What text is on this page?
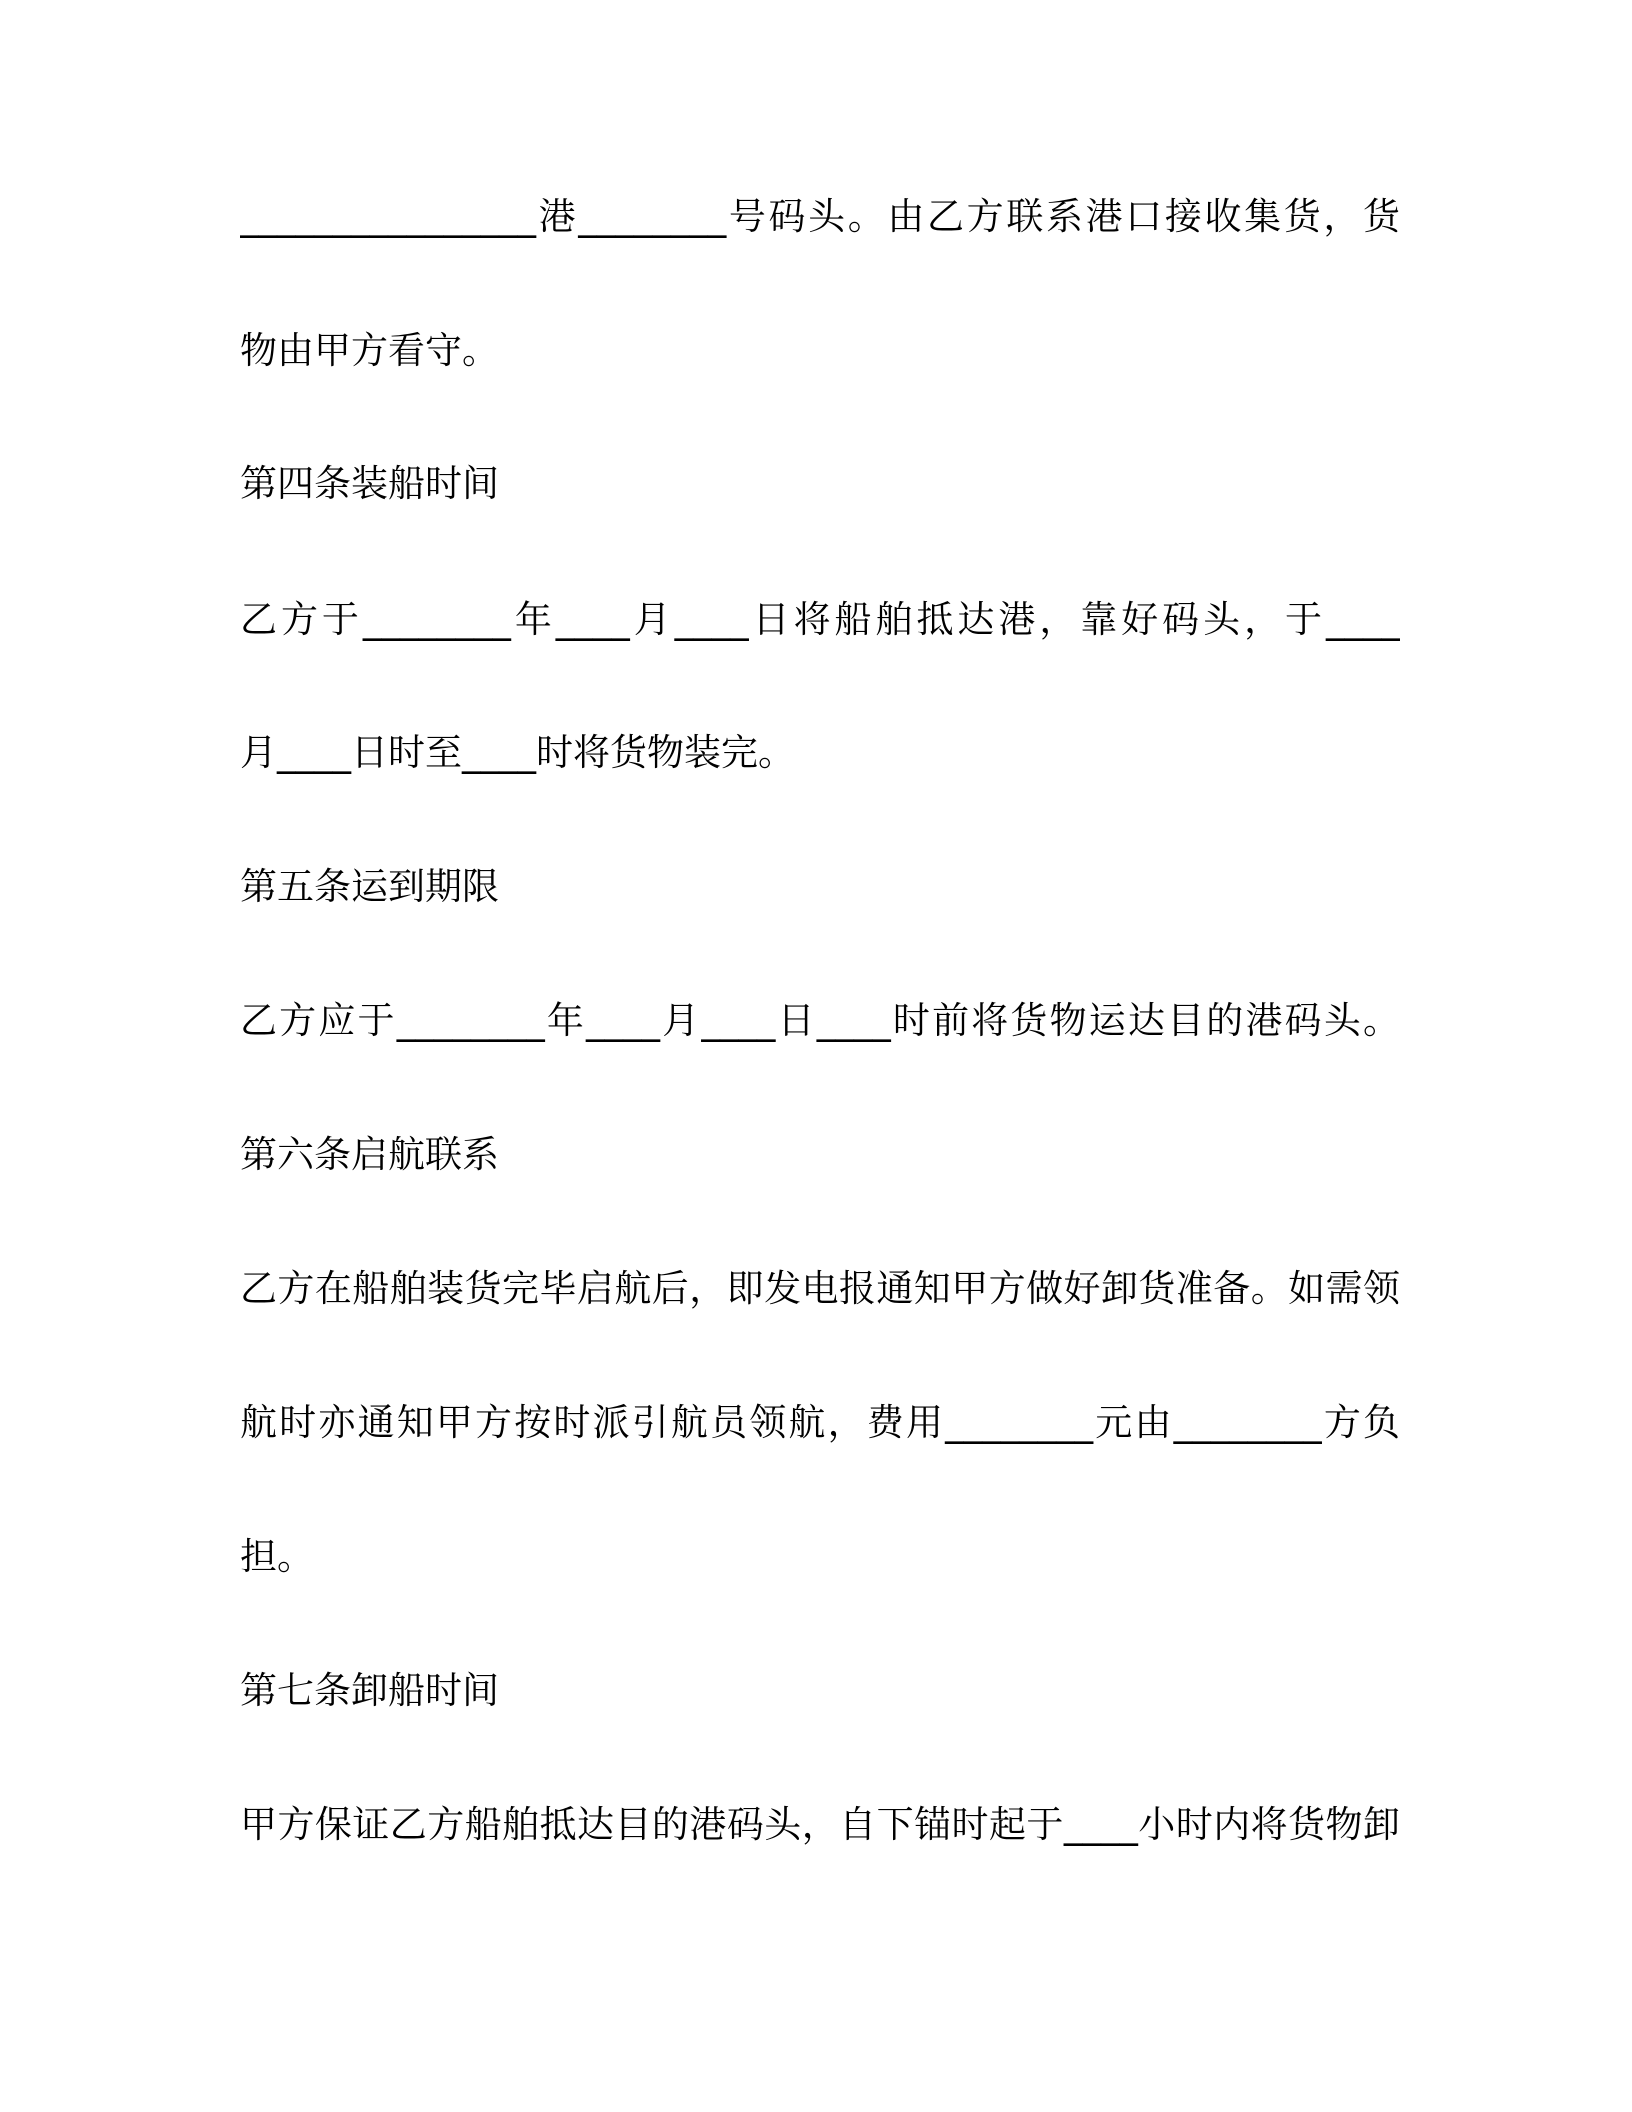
________________港________号码头。由乙方联系港口接收集货，货

物由甲方看守。

第四条装船时间

乙方于________年____月____日将船舶抵达港，靠好码头，于____

月____日时至____时将货物装完。

第五条运到期限

乙方应于________年____月____日____时前将货物运达目的港码头。

第六条启航联系

乙方在船舶装货完毕启航后，即发电报通知甲方做好卸货准备。如需领

航时亦通知甲方按时派引航员领航，费用________元由________方负

担。

第七条卸船时间

甲方保证乙方船舶抵达目的港码头，自下锚时起于____小时内将货物卸
